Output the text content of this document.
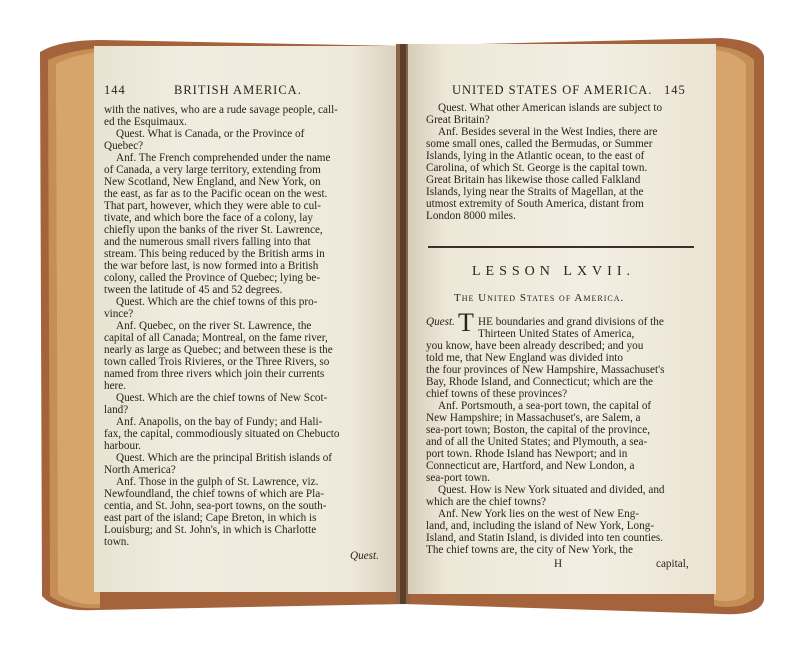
144	BRITISH AMERICA.
with the natives, who are a rude savage people, call-
ed the Esquimaux.
Quest. What is Canada, or the Province of
Quebec?
Anf. The French comprehended under the name
of Canada, a very large territory, extending from
New Scotland, New England, and New York, on
the east, as far as to the Pacific ocean on the west.
That part, however, which they were able to cul-
tivate, and which bore the face of a colony, lay
chiefly upon the banks of the river St. Lawrence,
and the numerous small rivers falling into that
stream. This being reduced by the British arms in
the war before last, is now formed into a British
colony, called the Province of Quebec; lying be-
tween the latitude of 45 and 52 degrees.
Quest. Which are the chief towns of this pro-
vince?
Anf. Quebec, on the river St. Lawrence, the
capital of all Canada; Montreal, on the fame river,
nearly as large as Quebec; and between these is the
town called Trois Rivieres, or the Three Rivers, so
named from three rivers which join their currents
here.
Quest. Which are the chief towns of New Scot-
land?
Anf. Anapolis, on the bay of Fundy; and Hali-
fax, the capital, commodiously situated on Chebucto
harbour.
Quest. Which are the principal British islands of
North America?
Anf. Those in the gulph of St. Lawrence, viz.
Newfoundland, the chief towns of which are Pla-
centia, and St. John, sea-port towns, on the south-
east part of the island; Cape Breton, in which is
Louisburg; and St. John's, in which is Charlotte
town.
Quest.
UNITED STATES OF AMERICA. 145
Quest. What other American islands are subject to
Great Britain?
Anf. Besides several in the West Indies, there are
some small ones, called the Bermudas, or Summer
Islands, lying in the Atlantic ocean, to the east of
Carolina, of which St. George is the capital town.
Great Britain has likewise those called Falkland
Islands, lying near the Straits of Magellan, at the
utmost extremity of South America, distant from
London 8000 miles.
LESSON LXVII.
The United States of America.
Quest. T HE boundaries and grand divisions of the
Thirteen United States of America,
you know, have been already described; and you
told me, that New England was divided into
the four provinces of New Hampshire, Massachuset's
Bay, Rhode Island, and Connecticut; which are the
chief towns of these provinces?
Anf. Portsmouth, a sea-port town, the capital of
New Hampshire; in Massachuset's, are Salem, a
sea-port town; Boston, the capital of the province,
and of all the United States; and Plymouth, a sea-
port town. Rhode Island has Newport; and in
Connecticut are, Hartford, and New London, a
sea-port town.
Quest. How is New York situated and divided, and
which are the chief towns?
Anf. New York lies on the west of New Eng-
land, and, including the island of New York, Long-
Island, and Statin Island, is divided into ten counties.
The chief towns are, the city of New York, the
H	capital,
